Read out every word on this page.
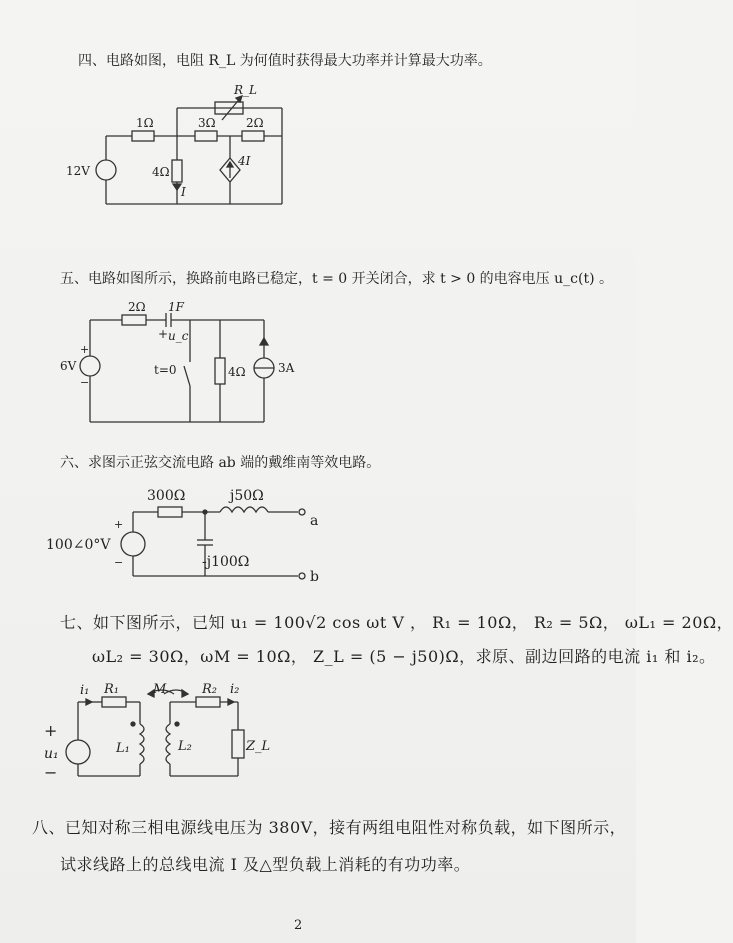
四、电路如图，电阻 R_L 为何值时获得最大功率并计算最大功率。
R_L
1Ω	3Ω	2Ω
12V	4Ω
I
4I
五、电路如图所示，换路前电路已稳定，t = 0 开关闭合，求 t > 0 的电容电压 u_c(t) 。
2Ω 1F
+ u_c
+
−
6V	t=0	4Ω	3A
六、求图示正弦交流电路 ab 端的戴维南等效电路。
300Ω	j50Ω
a
+
−
100∠0°V
-j100Ω
b
七、如下图所示，已知 u₁ = 100√2 cos ωt V ， R₁ = 10Ω， R₂ = 5Ω， ωL₁ = 20Ω，
ωL₂ = 30Ω，ωM = 10Ω， Z_L = (5 − j50)Ω，求原、副边回路的电流 i₁ 和 i₂。
i₁ R₁
+
u₁
−
L₁
M
L₂
R₂ i₂
Z_L
八、已知对称三相电源线电压为 380V，接有两组电阻性对称负载，如下图所示，
试求线路上的总线电流 I 及△型负载上消耗的有功功率。
2
